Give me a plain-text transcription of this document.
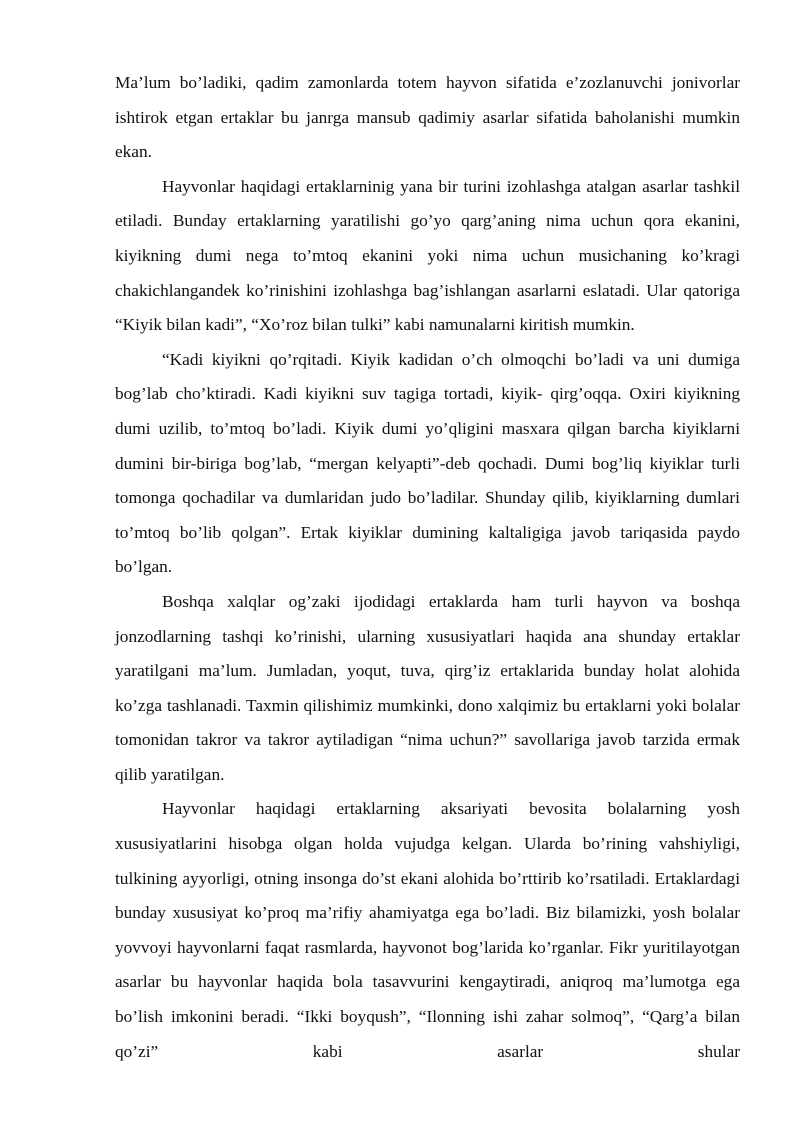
Ma’lum bo’ladiki, qadim zamonlarda totem hayvon sifatida e’zozlanuvchi jonivorlar ishtirok etgan ertaklar bu janrga mansub qadimiy asarlar sifatida baholanishi mumkin ekan.

Hayvonlar haqidagi ertaklarninig yana bir turini izohlashga atalgan asarlar tashkil etiladi. Bunday ertaklarning yaratilishi go’yo qarg’aning nima uchun qora ekanini, kiyikning dumi nega to’mtoq ekanini yoki nima uchun musichaning ko’kragi chakichlangandek ko’rinishini izohlashga bag’ishlangan asarlarni eslatadi. Ular qatoriga “Kiyik bilan kadi”, “Xo’roz bilan tulki” kabi namunalarni kiritish mumkin.

“Kadi kiyikni qo’rqitadi. Kiyik kadidan o’ch olmoqchi bo’ladi va uni dumiga bog’lab cho’ktiradi. Kadi kiyikni suv tagiga tortadi, kiyik- qirg’oqqa. Oxiri kiyikning dumi uzilib, to’mtoq bo’ladi. Kiyik dumi yo’qligini masxara qilgan barcha kiyiklarni dumini bir-biriga bog’lab, “mergan kelyapti”-deb qochadi. Dumi bog’liq kiyiklar turli tomonga qochadilar va dumlaridan judo bo’ladilar. Shunday qilib, kiyiklarning dumlari to’mtoq bo’lib qolgan”. Ertak kiyiklar dumining kaltaligiga javob tariqasida paydo bo’lgan.

Boshqa xalqlar og’zaki ijodidagi ertaklarda ham turli hayvon va boshqa jonzodlarning tashqi ko’rinishi, ularning xususiyatlari haqida ana shunday ertaklar yaratilgani ma’lum. Jumladan, yoqut, tuva, qirg’iz ertaklarida bunday holat alohida ko’zga tashlanadi. Taxmin qilishimiz mumkinki, dono xalqimiz bu ertaklarni yoki bolalar tomonidan takror va takror aytiladigan “nima uchun?” savollariga javob tarzida ermak qilib yaratilgan.

Hayvonlar haqidagi ertaklarning aksariyati bevosita bolalarning yosh xususiyatlarini hisobga olgan holda vujudga kelgan. Ularda bo’rining vahshiyligi, tulkining ayyorligi, otning insonga do’st ekani alohida bo’rttirib ko’rsatiladi. Ertaklardagi bunday xususiyat ko’proq ma’rifiy ahamiyatga ega bo’ladi. Biz bilamizki, yosh bolalar yovvoyi hayvonlarni faqat rasmlarda, hayvonot bog’larida ko’rganlar. Fikr yuritilayotgan asarlar bu hayvonlar haqida bola tasavvurini kengaytiradi, aniqroq ma’lumotga ega bo’lish imkonini beradi. “Ikki boyqush”, “Ilonning ishi zahar solmoq”, “Qarg’a bilan qo’zi” kabi asarlar shular
